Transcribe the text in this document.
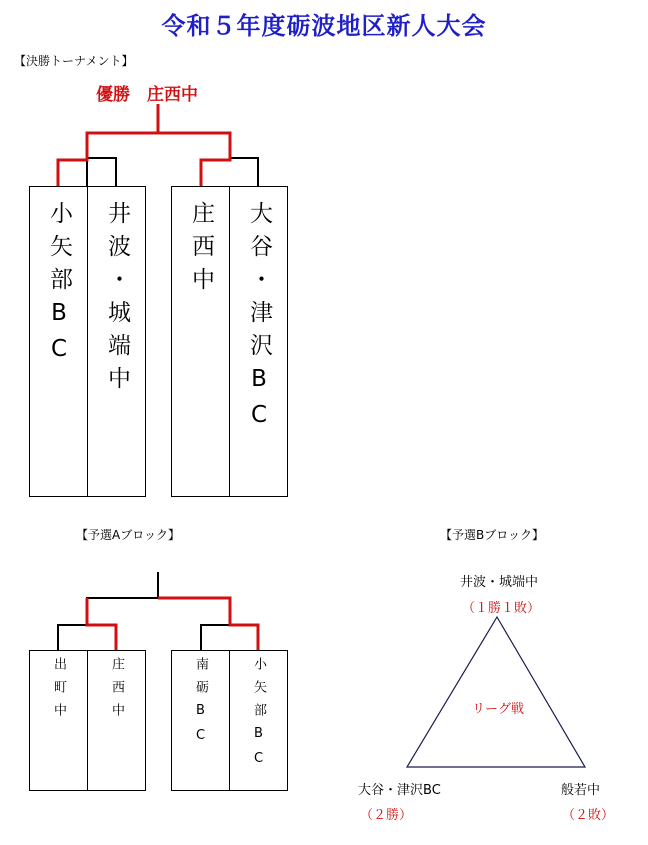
令和５年度砺波地区新人大会
【決勝トーナメント】
優勝　庄西中
小矢部BC 井波・城端中	庄西中 大谷・津沢BC
【予選Aブロック】
出町中	庄西中	南砺BC	小矢部BC
【予選Bブロック】
井波・城端中
（１勝１敗）
リーグ戦
大谷・津沢BC
（２勝）
般若中
（２敗）
